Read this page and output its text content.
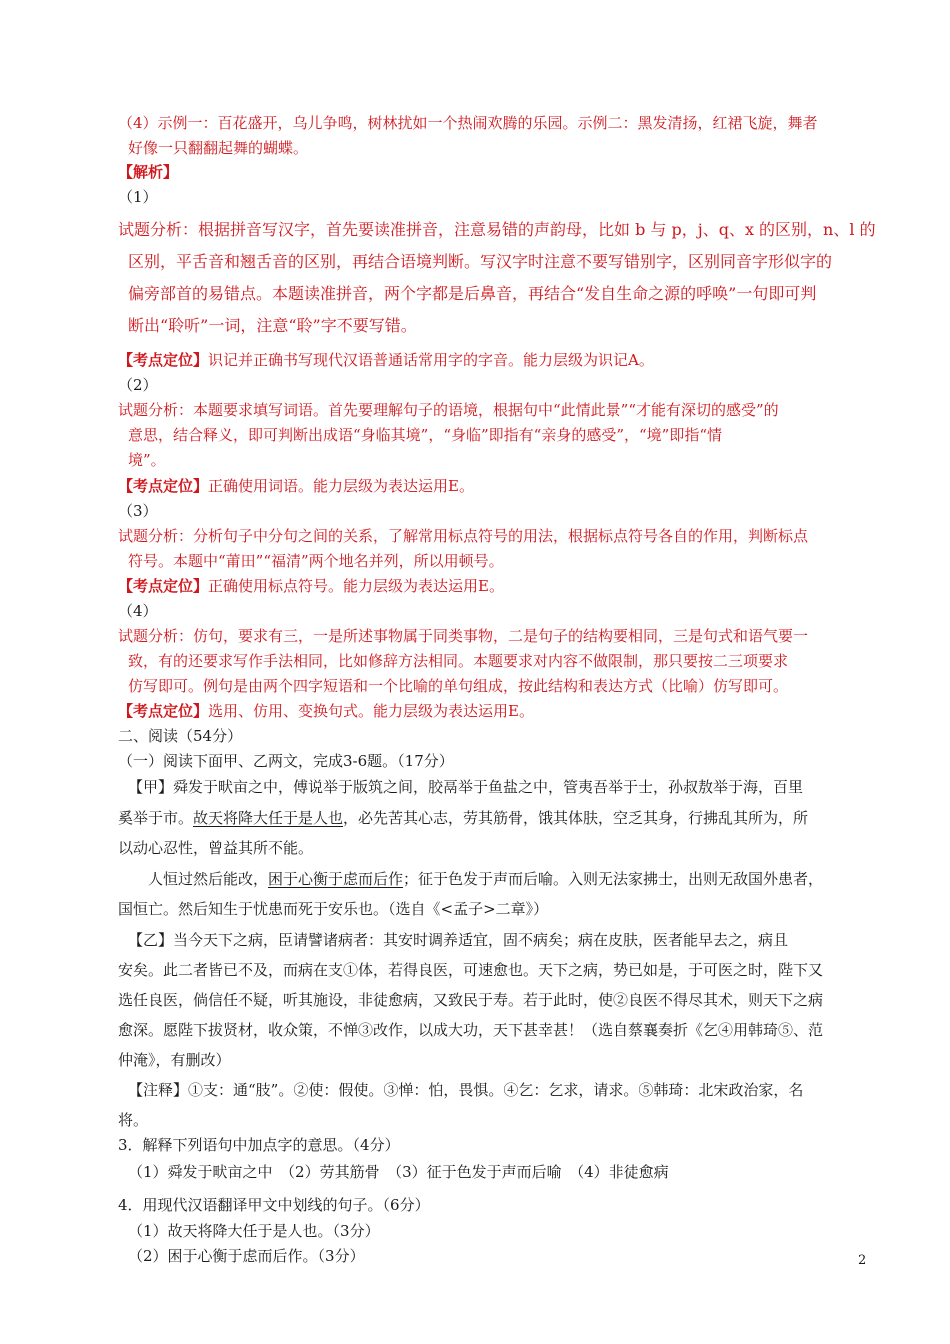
（4）示例一：百花盛开，乌儿争鸣，树林扰如一个热闹欢腾的乐园。示例二：黑发清扬，红裙飞旋，舞者
好像一只翻翻起舞的蝴蝶。
【解析】
（1）
试题分析：根据拼音写汉字，首先要读准拼音，注意易错的声韵母，比如 b 与 p，j、q、x 的区别，n、l 的
区别，平舌音和翘舌音的区别，再结合语境判断。写汉字时注意不要写错别字，区别同音字形似字的
偏旁部首的易错点。本题读准拼音，两个字都是后鼻音，再结合“发自生命之源的呼唤”一句即可判
断出“聆听”一词，注意“聆”字不要写错。
【考点定位】识记并正确书写现代汉语普通话常用字的字音。能力层级为识记A。
（2）
试题分析：本题要求填写词语。首先要理解句子的语境，根据句中“此情此景”“才能有深切的感受”的
意思，结合释义，即可判断出成语“身临其境”，“身临”即指有“亲身的感受”，“境”即指“情
境”。
【考点定位】正确使用词语。能力层级为表达运用E。
（3）
试题分析：分析句子中分句之间的关系，了解常用标点符号的用法，根据标点符号各自的作用，判断标点
符号。本题中“莆田”“福清”两个地名并列，所以用顿号。
【考点定位】正确使用标点符号。能力层级为表达运用E。
（4）
试题分析：仿句，要求有三，一是所述事物属于同类事物，二是句子的结构要相同，三是句式和语气要一
致，有的还要求写作手法相同，比如修辞方法相同。本题要求对内容不做限制，那只要按二三项要求
仿写即可。例句是由两个四字短语和一个比喻的单句组成，按此结构和表达方式（比喻）仿写即可。
【考点定位】选用、仿用、变换句式。能力层级为表达运用E。
二、阅读（54分）
（一）阅读下面甲、乙两文，完成3-6题。（17分）
【甲】舜发于畎亩之中，傅说举于版筑之间，胶鬲举于鱼盐之中，管夷吾举于士，孙叔敖举于海，百里
奚举于市。故天将降大任于是人也，必先苦其心志，劳其筋骨，饿其体肤，空乏其身，行拂乱其所为，所
以动心忍性，曾益其所不能。
人恒过然后能改，困于心衡于虑而后作；征于色发于声而后喻。入则无法家拂士，出则无敌国外患者，
国恒亡。然后知生于忧患而死于安乐也。（选自《<孟子>二章》）
【乙】当今天下之病，臣请譬诸病者：其安时调养适宜，固不病矣；病在皮肤，医者能早去之，病且
安矣。此二者皆已不及，而病在支①体，若得良医，可速愈也。天下之病，势已如是，于可医之时，陛下又
选任良医，倘信任不疑，听其施设，非徒愈病，又致民于寿。若于此时，使②良医不得尽其术，则天下之病
愈深。愿陛下拔贤材，收众策，不惮③改作，以成大功，天下甚幸甚！（选自蔡襄奏折《乞④用韩琦⑤、范
仲淹》，有删改）
【注释】①支：通“肢”。②使：假使。③惮：怕，畏惧。④乞：乞求，请求。⑤韩琦：北宋政治家，名
将。
3．解释下列语句中加点字的意思。（4分）
（1）舜发于畎亩之中　（2）劳其筋骨　（3）征于色发于声而后喻　（4）非徒愈病
4．用现代汉语翻译甲文中划线的句子。（6分）
（1）故天将降大任于是人也。（3分）
（2）困于心衡于虑而后作。（3分）	2
